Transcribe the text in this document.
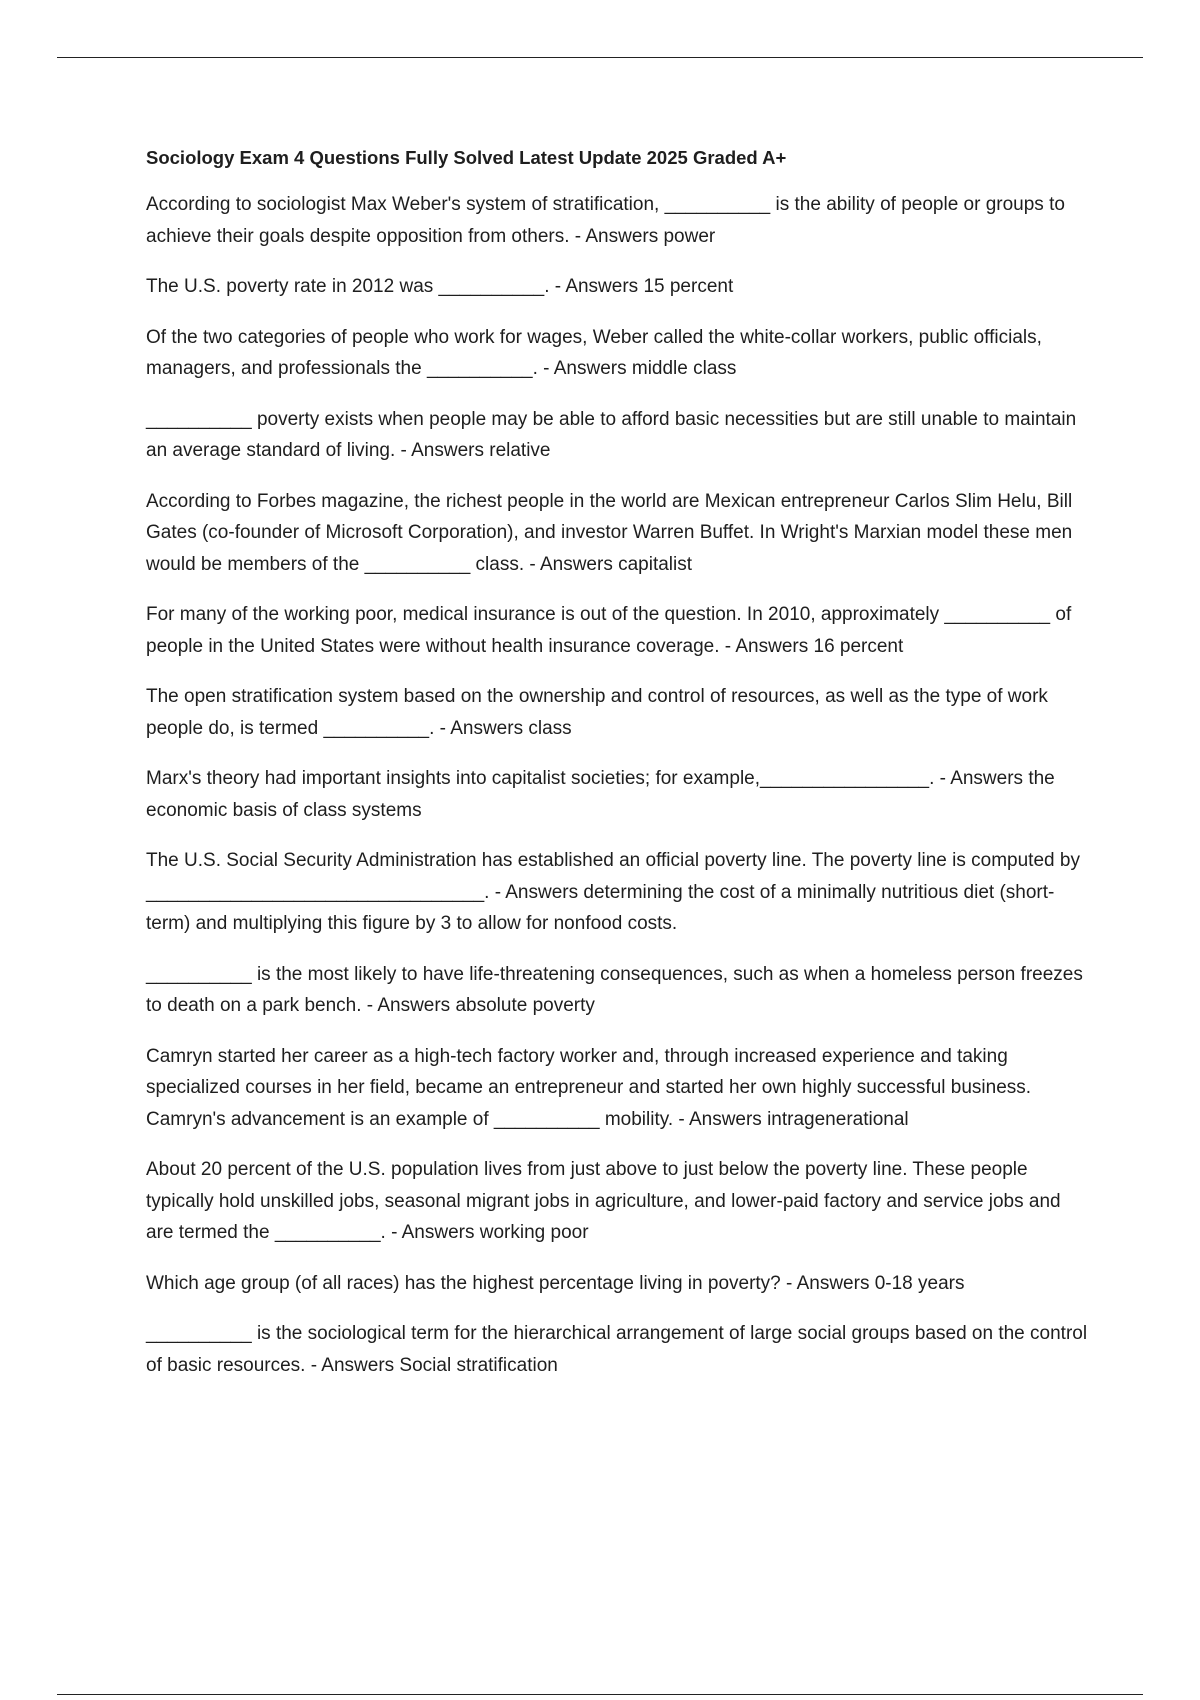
Sociology Exam 4 Questions Fully Solved Latest Update 2025 Graded A+

According to sociologist Max Weber's system of stratification, __________ is the ability of people or groups to achieve their goals despite opposition from others. - Answers power

The U.S. poverty rate in 2012 was __________. - Answers 15 percent

Of the two categories of people who work for wages, Weber called the white-collar workers, public officials, managers, and professionals the __________. - Answers middle class

__________ poverty exists when people may be able to afford basic necessities but are still unable to maintain an average standard of living. - Answers relative

According to Forbes magazine, the richest people in the world are Mexican entrepreneur Carlos Slim Helu, Bill Gates (co-founder of Microsoft Corporation), and investor Warren Buffet. In Wright's Marxian model these men would be members of the __________ class. - Answers capitalist

For many of the working poor, medical insurance is out of the question. In 2010, approximately __________ of people in the United States were without health insurance coverage. - Answers 16 percent

The open stratification system based on the ownership and control of resources, as well as the type of work people do, is termed __________. - Answers class

Marx's theory had important insights into capitalist societies; for example,________________. - Answers the economic basis of class systems

The U.S. Social Security Administration has established an official poverty line. The poverty line is computed by ________________________________. - Answers determining the cost of a minimally nutritious diet (short-term) and multiplying this figure by 3 to allow for nonfood costs.

__________ is the most likely to have life-threatening consequences, such as when a homeless person freezes to death on a park bench. - Answers absolute poverty

Camryn started her career as a high-tech factory worker and, through increased experience and taking specialized courses in her field, became an entrepreneur and started her own highly successful business. Camryn's advancement is an example of __________ mobility. - Answers intragenerational

About 20 percent of the U.S. population lives from just above to just below the poverty line. These people typically hold unskilled jobs, seasonal migrant jobs in agriculture, and lower-paid factory and service jobs and are termed the __________. - Answers working poor

Which age group (of all races) has the highest percentage living in poverty? - Answers 0-18 years

__________ is the sociological term for the hierarchical arrangement of large social groups based on the control of basic resources. - Answers Social stratification
